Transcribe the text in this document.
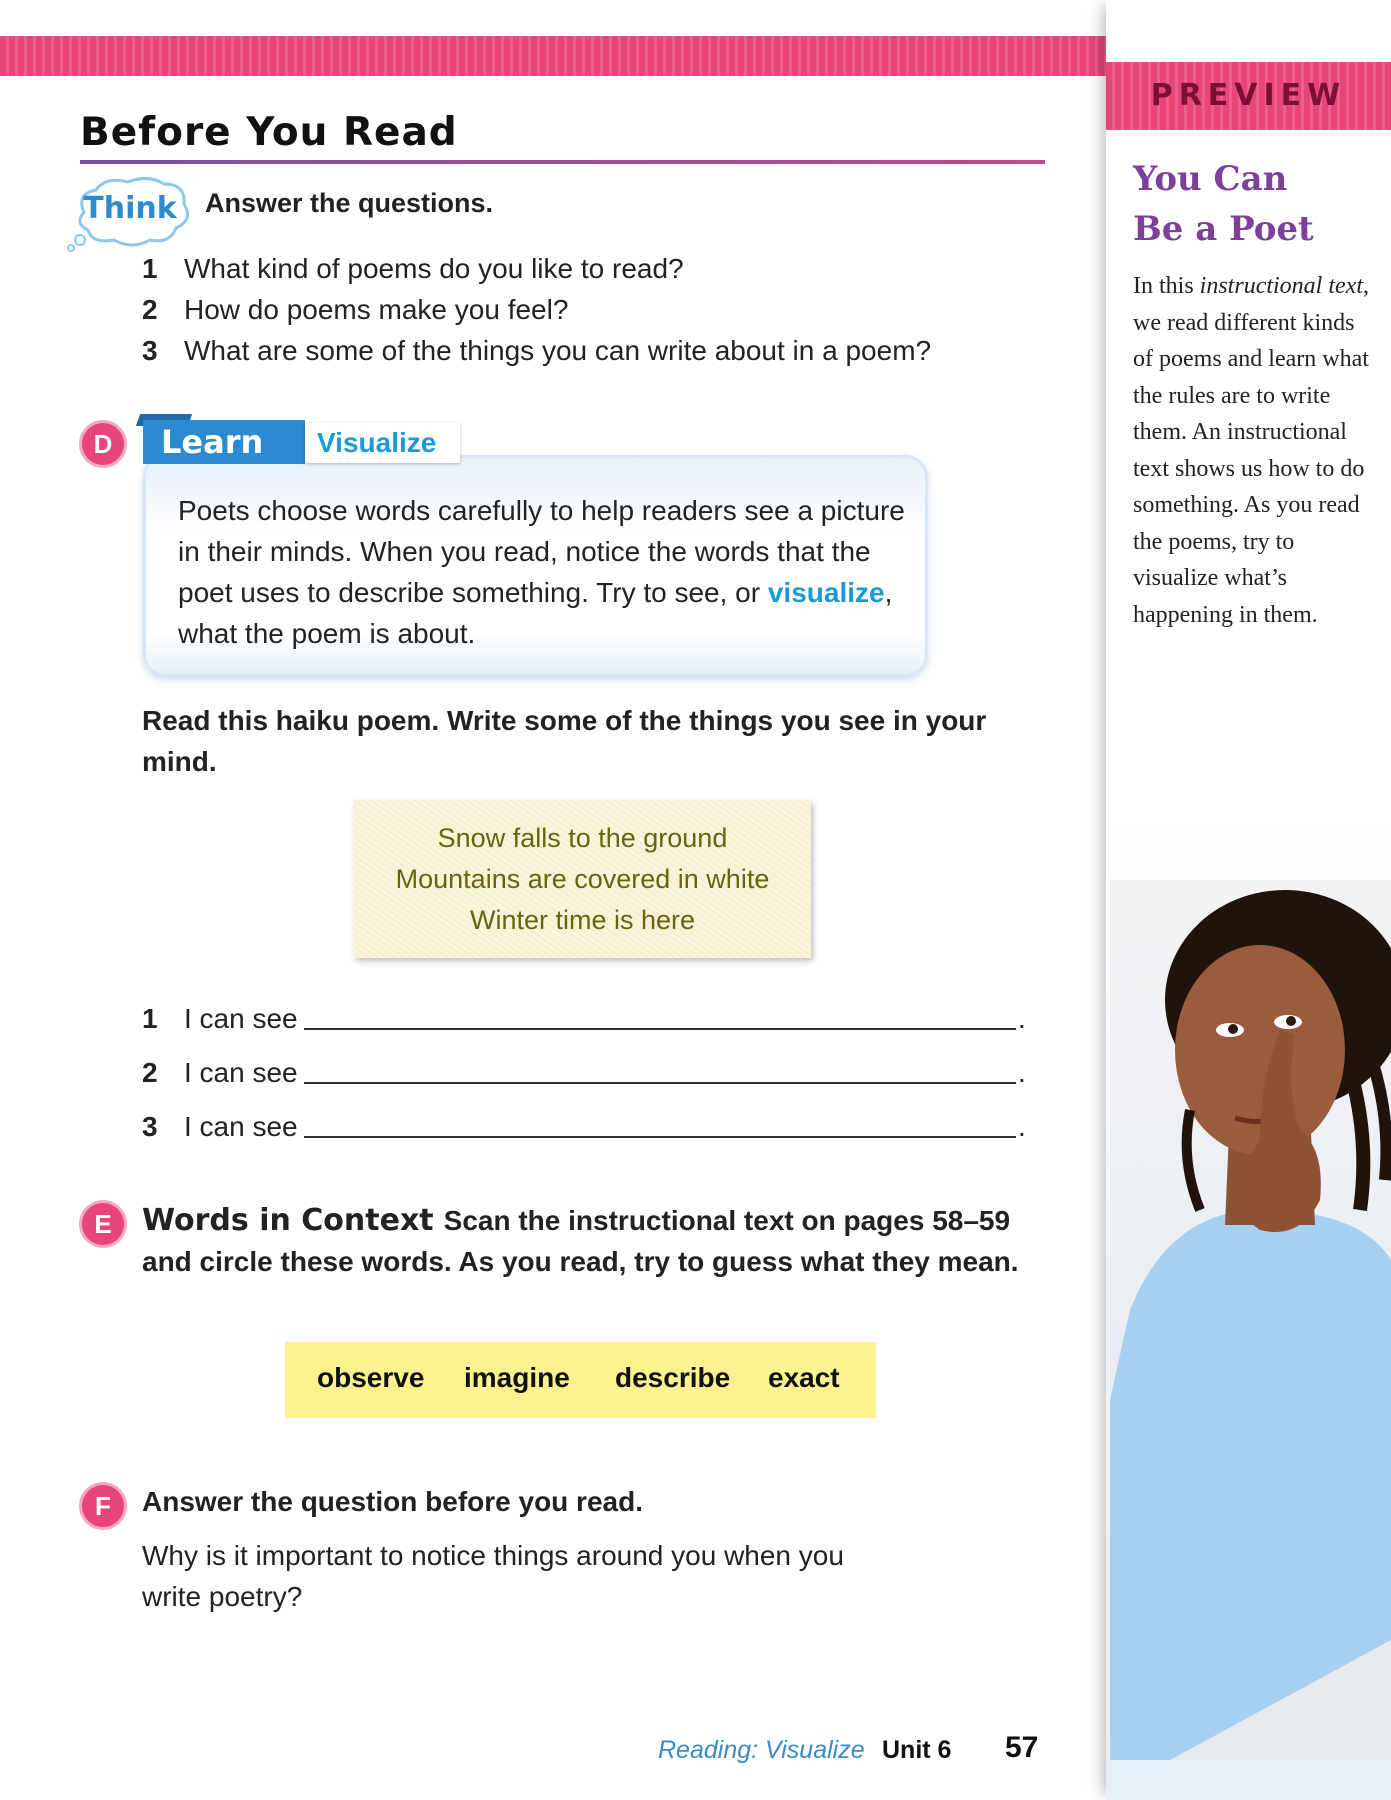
PREVIEW
You Can
Be a Poet
In this instructional text, we read different kinds of poems and learn what the rules are to write them. An instructional text shows us how to do something. As you read the poems, try to visualize what’s happening in them.
Before You Read
Think Answer the questions.
1 What kind of poems do you like to read?
2 How do poems make you feel?
3 What are some of the things you can write about in a poem?
D	Learn	Visualize
Poets choose words carefully to help readers see a picture in their minds. When you read, notice the words that the poet uses to describe something. Try to see, or visualize, what the poem is about.
Read this haiku poem. Write some of the things you see in your mind.
Snow falls to the ground
Mountains are covered in white
Winter time is here
1 I can see	.
2 I can see	.
3 I can see	.
E	Words in Context Scan the instructional text on pages 58–59 and circle these words. As you read, try to guess what they mean.
observe imagine describe exact
F	Answer the question before you read.
Why is it important to notice things around you when you write poetry?
Reading: Visualize Unit 6 57
